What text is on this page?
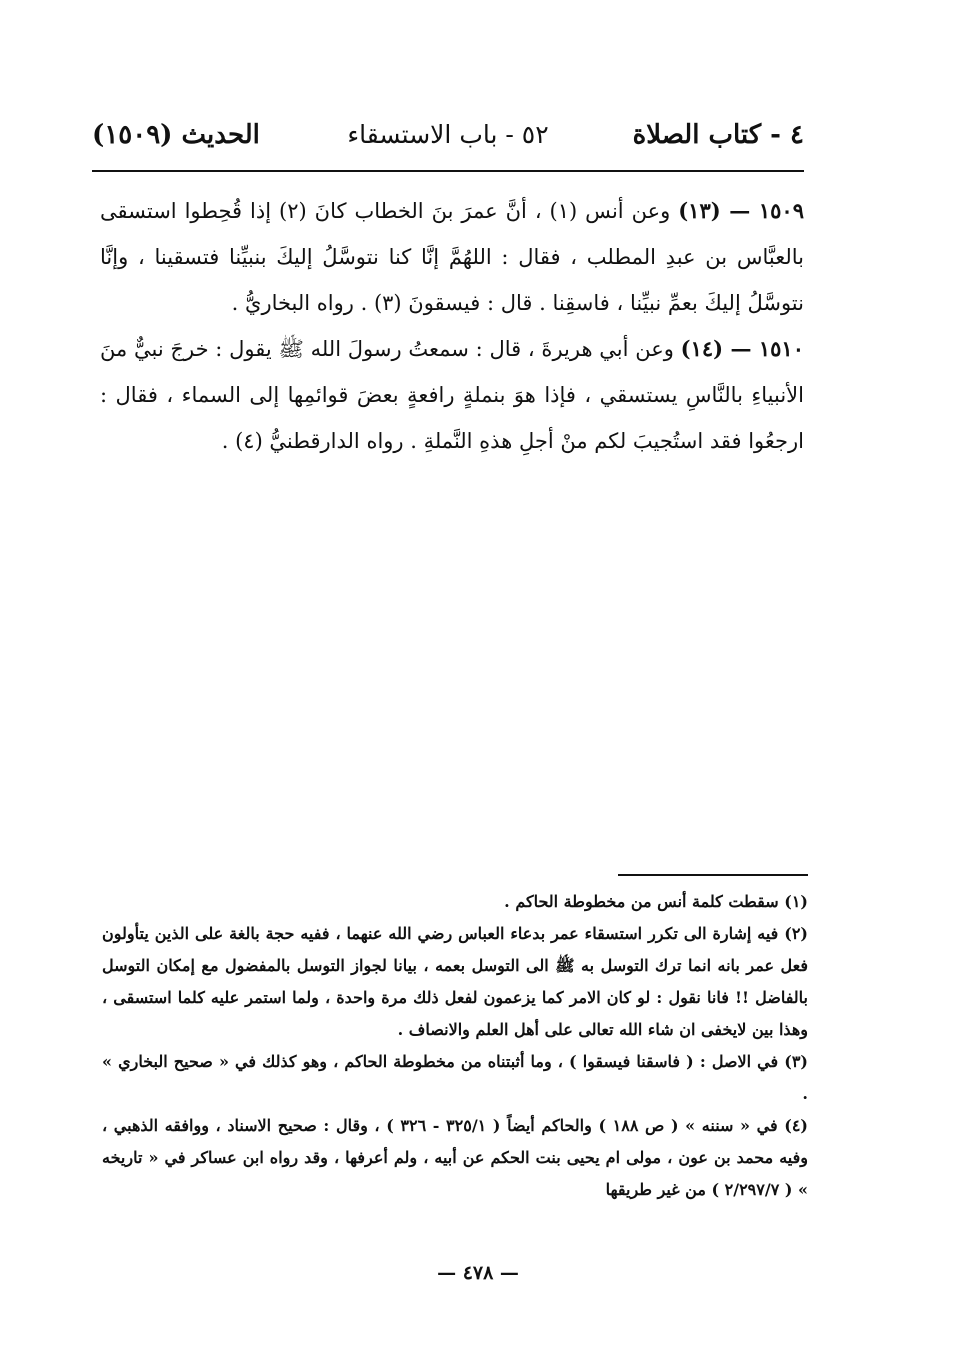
٤ - كتاب الصلاة
٥٢ - باب الاستسقاء
الحديث (١٥٠٩)

١٥٠٩ — (١٣) وعن أنس (١) ، أنَّ عمرَ بنَ الخطاب كانَ (٢) إذا قُحِطوا استسقى بالعبَّاس بن عبدِ المطلب ، فقال : اللهُمَّ إنَّا كنا نتوسَّلُ إليكَ بنبيِّنا فتسقينا ، وإنَّا نتوسَّلُ إليكَ بعمِّ نبيِّنا ، فاسقِنا . قال : فيسقونَ (٣) . رواه البخاريُّ .

١٥١٠ — (١٤) وعن أبي هريرةَ ، قال : سمعتُ رسولَ الله ﷺ يقول : خرجَ نبيٌّ منَ الأنبياءِ بالنَّاسِ يستسقي ، فإذا هوَ بنملةٍ رافعةٍ بعضَ قوائمِها إلى السماء ، فقال : ارجعُوا فقد استُجيبَ لكم منْ أجلِ هذهِ النَّملةِ . رواه الدارقطنيُّ (٤) .

(١) سقطت كلمة أنس من مخطوطة الحاكم .

(٢) فيه إشارة الى تكرر استسقاء عمر بدعاء العباس رضي الله عنهما ، ففيه حجة بالغة على الذين يتأولون فعل عمر بانه انما ترك التوسل به ﷺ الى التوسل بعمه ، بيانا لجواز التوسل بالمفضول مع إمكان التوسل بالفاضل !! فانا نقول : لو كان الامر كما يزعمون لفعل ذلك مرة واحدة ، ولما استمر عليه كلما استسقى ، وهذا بين لايخفى ان شاء الله تعالى على أهل العلم والانصاف .

(٣) في الاصل : ( فاسقنا فيسقوا ) ، وما أثبتناه من مخطوطة الحاكم ، وهو كذلك في « صحيح البخاري » .

(٤) في « سننه » ( ص ١٨٨ ) والحاكم أيضاً ( ٣٢٥/١ - ٣٢٦ ) ، وقال : صحيح الاسناد ، ووافقه الذهبي ، وفيه محمد بن عون ، مولى ام يحيى بنت الحكم عن أبيه ، ولم أعرفها ، وقد رواه ابن عساكر في « تاريخه » ( ٢/٢٩٧/٧ ) من غير طريقها

— ٤٧٨ —
